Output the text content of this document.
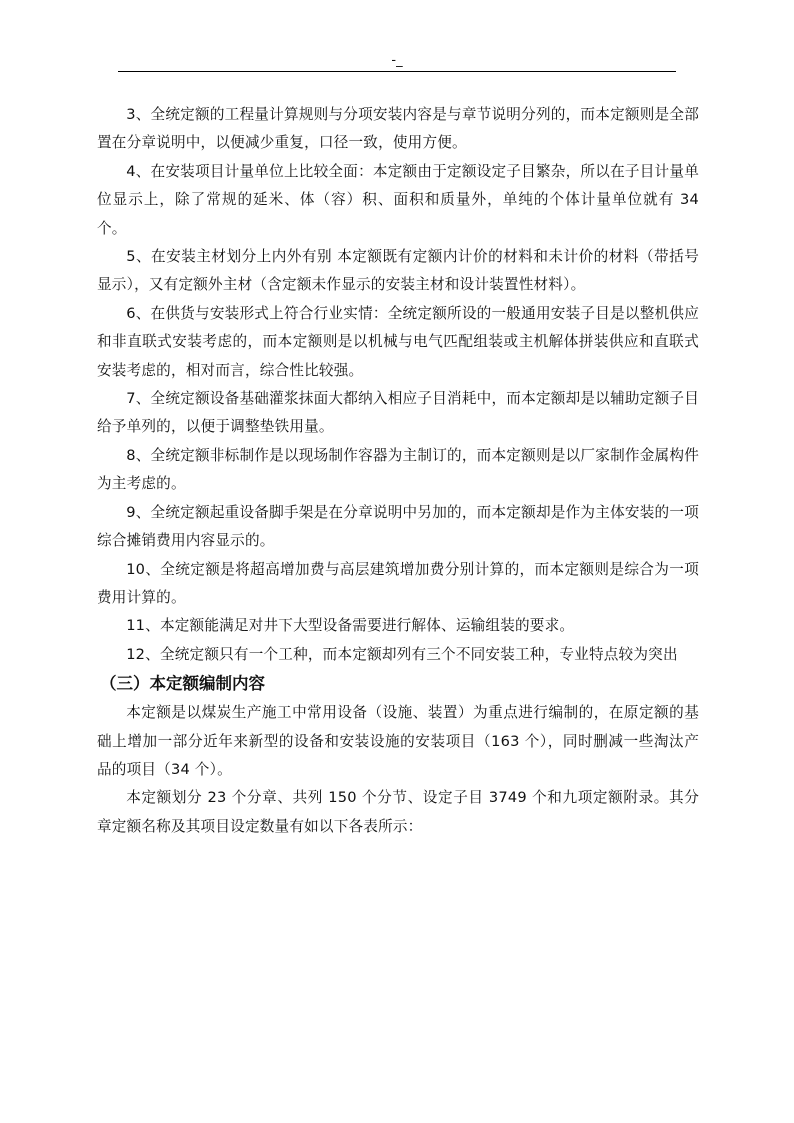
-_

3、全统定额的工程量计算规则与分项安装内容是与章节说明分列的，而本定额则是全部置在分章说明中，以便减少重复，口径一致，使用方便。

4、在安装项目计量单位上比较全面：本定额由于定额设定子目繁杂，所以在子目计量单位显示上，除了常规的延米、体（容）积、面积和质量外，单纯的个体计量单位就有 34 个。

5、在安装主材划分上内外有别 本定额既有定额内计价的材料和未计价的材料（带括号显示），又有定额外主材（含定额未作显示的安装主材和设计装置性材料）。

6、在供货与安装形式上符合行业实情：全统定额所设的一般通用安装子目是以整机供应和非直联式安装考虑的，而本定额则是以机械与电气匹配组装或主机解体拼装供应和直联式安装考虑的，相对而言，综合性比较强。

7、全统定额设备基础灌浆抹面大都纳入相应子目消耗中，而本定额却是以辅助定额子目给予单列的，以便于调整垫铁用量。

8、全统定额非标制作是以现场制作容器为主制订的，而本定额则是以厂家制作金属构件为主考虑的。

9、全统定额起重设备脚手架是在分章说明中另加的，而本定额却是作为主体安装的一项综合摊销费用内容显示的。

10、全统定额是将超高增加费与高层建筑增加费分别计算的，而本定额则是综合为一项费用计算的。

11、本定额能满足对井下大型设备需要进行解体、运输组装的要求。

12、全统定额只有一个工种，而本定额却列有三个不同安装工种，专业特点较为突出

（三）本定额编制内容

本定额是以煤炭生产施工中常用设备（设施、装置）为重点进行编制的，在原定额的基础上增加一部分近年来新型的设备和安装设施的安装项目（163 个），同时删减一些淘汰产品的项目（34 个）。

本定额划分 23 个分章、共列 150 个分节、设定子目 3749 个和九项定额附录。其分章定额名称及其项目设定数量有如以下各表所示：
